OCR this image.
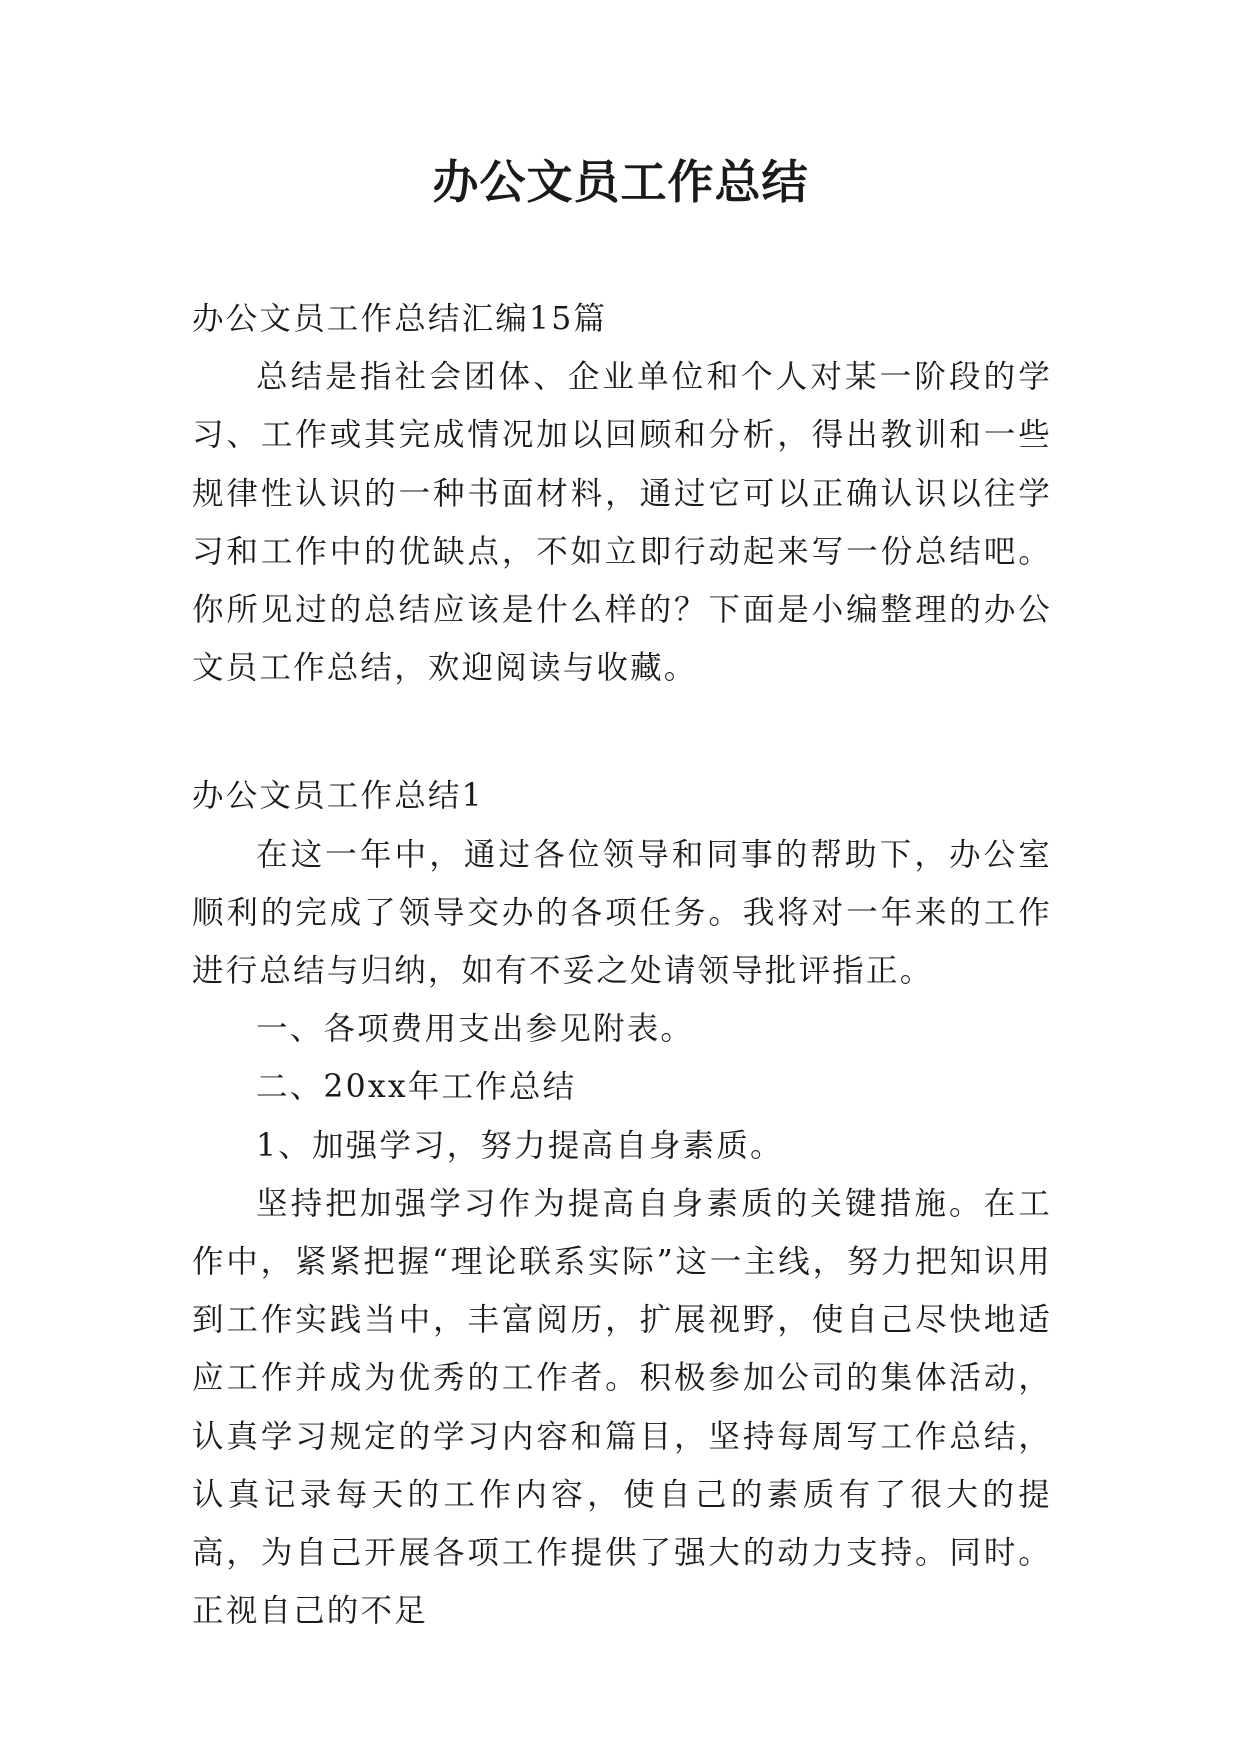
办公文员工作总结

办公文员工作总结汇编15篇

总结是指社会团体、企业单位和个人对某一阶段的学习、工作或其完成情况加以回顾和分析，得出教训和一些规律性认识的一种书面材料，通过它可以正确认识以往学习和工作中的优缺点，不如立即行动起来写一份总结吧。你所见过的总结应该是什么样的？下面是小编整理的办公文员工作总结，欢迎阅读与收藏。

办公文员工作总结1

在这一年中，通过各位领导和同事的帮助下，办公室顺利的完成了领导交办的各项任务。我将对一年来的工作进行总结与归纳，如有不妥之处请领导批评指正。

一、各项费用支出参见附表。

二、20xx年工作总结

1、加强学习，努力提高自身素质。

坚持把加强学习作为提高自身素质的关键措施。在工作中，紧紧把握“理论联系实际”这一主线，努力把知识用到工作实践当中，丰富阅历，扩展视野，使自己尽快地适应工作并成为优秀的工作者。积极参加公司的集体活动，认真学习规定的学习内容和篇目，坚持每周写工作总结，认真记录每天的工作内容，使自己的素质有了很大的提高，为自己开展各项工作提供了强大的动力支持。同时。正视自己的不足
